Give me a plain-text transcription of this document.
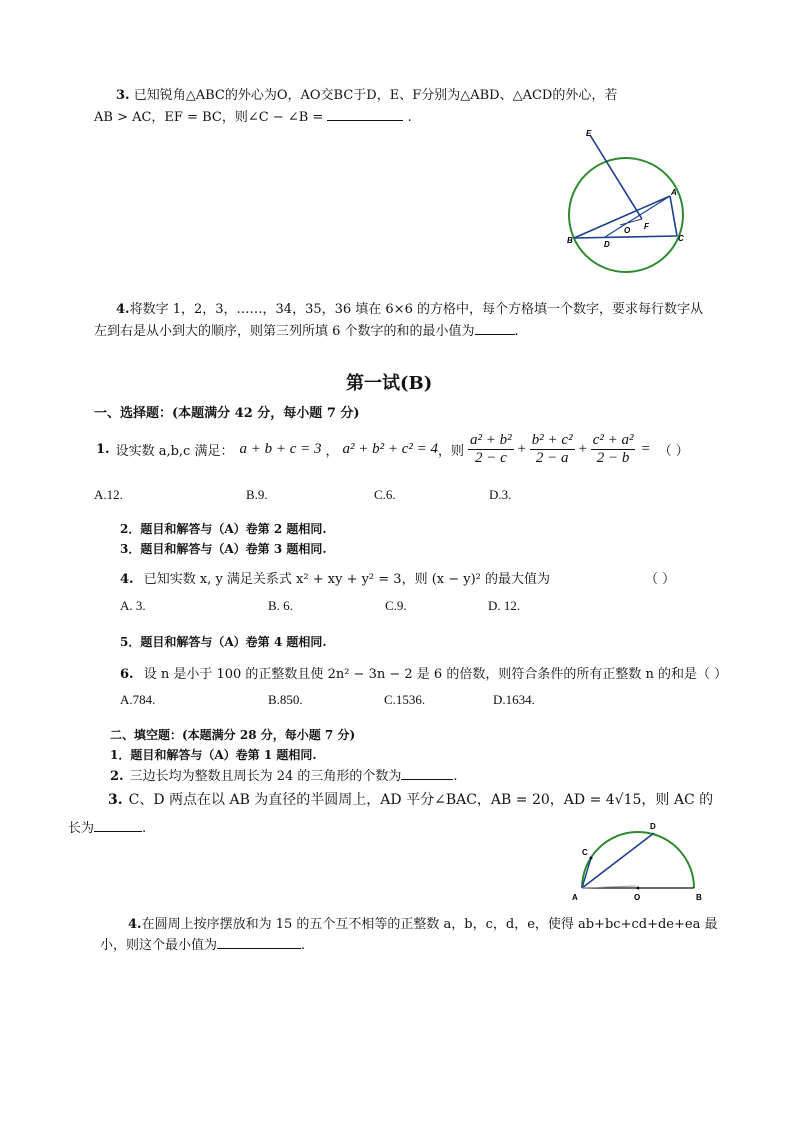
3. 已知锐角△ABC的外心为O，AO交BC于D，E、F分别为△ABD、△ACD的外心，若
AB > AC，EF = BC，则∠C − ∠B =	.
E
A
O F
B	D
C
4.将数字 1，2，3，……，34，35，36 填在 6×6 的方格中，每个方格填一个数字，要求每行数字从
左到右是从小到大的顺序，则第三列所填 6 个数字的和的最小值为	.
第一试(B)
一、选择题：(本题满分 42 分，每小题 7 分)
1. 设实数 a,b,c 满足： a + b + c = 3 ， a² + b² + c² = 4 ，则 $\frac{\text{a² + b²}}{2 - c} + \frac{\text{b² + c²}}{2 - a} + \frac{\text{c² + a²}}{2 - b}$ = （ ）
A.12.	B.9.	C.6.	D.3.
2．题目和解答与（A）卷第 2 题相同.
3．题目和解答与（A）卷第 3 题相同.
4. 已知实数 x, y 满足关系式 x² + xy + y² = 3，则 (x − y)² 的最大值为	（ ）
A. 3.	B. 6.	C.9.	D. 12.
5．题目和解答与（A）卷第 4 题相同.
6. 设 n 是小于 100 的正整数且使 2n² − 3n − 2 是 6 的倍数，则符合条件的所有正整数 n 的和是（ ）
A.784.	B.850.	C.1536.	D.1634.
二、填空题：(本题满分 28 分，每小题 7 分)
1．题目和解答与（A）卷第 1 题相同.
2. 三边长均为整数且周长为 24 的三角形的个数为	.
3. C、D 两点在以 AB 为直径的半圆周上，AD 平分∠BAC，AB = 20，AD = 4√15，则 AC 的
长为	.	D
C
A	O	B
4.在圆周上按序摆放和为 15 的五个互不相等的正整数 a，b，c，d，e，使得 ab+bc+cd+de+ea 最
小，则这个最小值为	.
